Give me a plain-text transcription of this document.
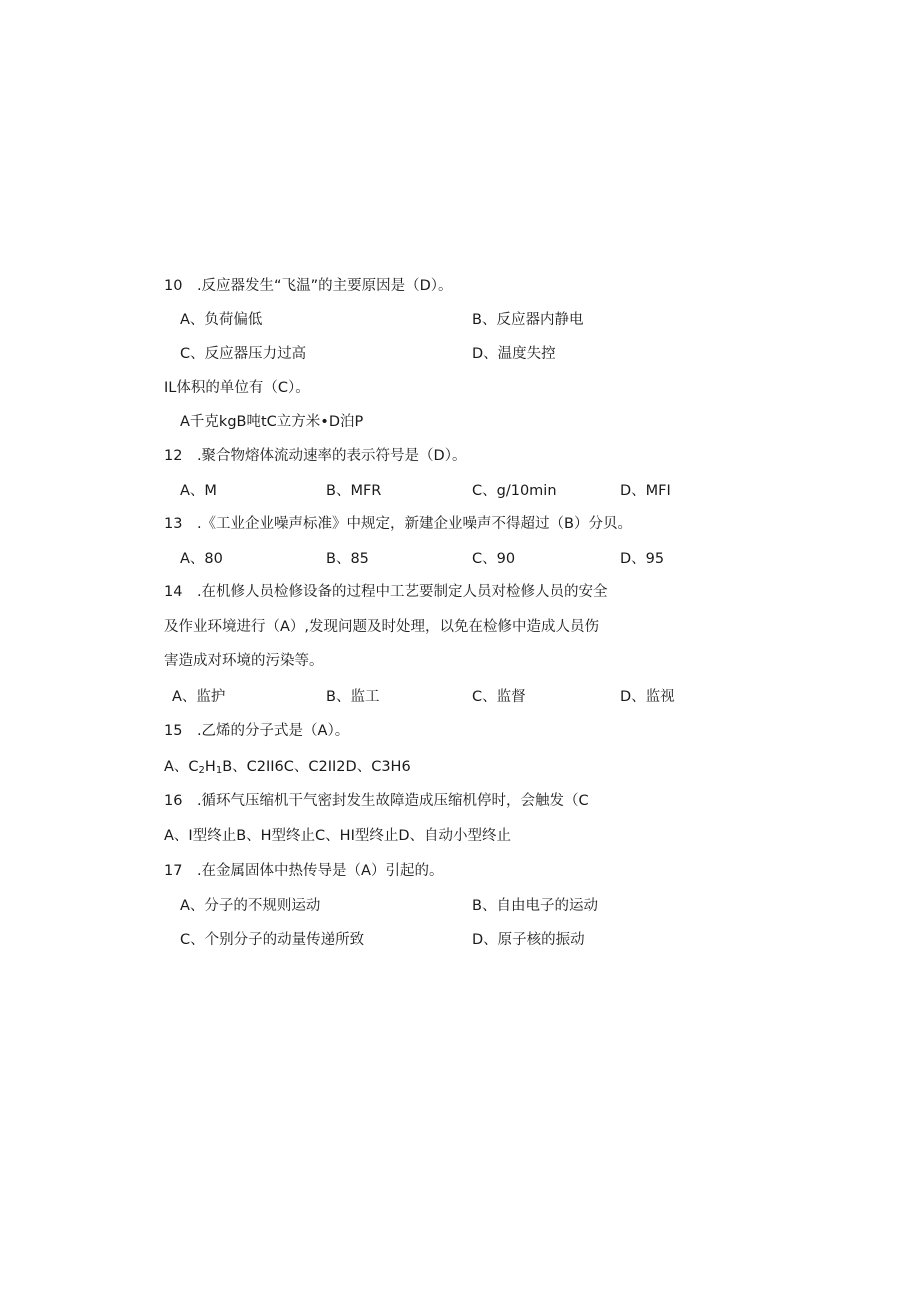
10　.反应器发生“飞温”的主要原因是（D）。
A、负荷偏低	B、反应器内静电
C、反应器压力过高	D、温度失控
IL体积的单位有（C）。
A千克kgB吨tC立方米•D泊P
12　.聚合物熔体流动速率的表示符号是（D）。
A、M	B、MFR	C、g∕10min	D、MFI
13　.《工业企业噪声标准》中规定，新建企业噪声不得超过（B）分贝。
A、80	B、85	C、90	D、95
14　.在机修人员检修设备的过程中工艺要制定人员对检修人员的安全
及作业环境进行（A）,发现问题及时处理，以免在检修中造成人员伤
害造成对环境的污染等。
A、监护	B、监工	C、监督	D、监视
15　.乙烯的分子式是（A）。
A、$C_2H_1B$、C2II6C、C2II2D、C3H6
16　.循环气压缩机干气密封发生故障造成压缩机停时，会触发（C
A、I型终止B、H型终止C、HI型终止D、自动小型终止
17　.在金属固体中热传导是（A）引起的。
A、分子的不规则运动	B、自由电子的运动
C、个别分子的动量传递所致	D、原子核的振动
